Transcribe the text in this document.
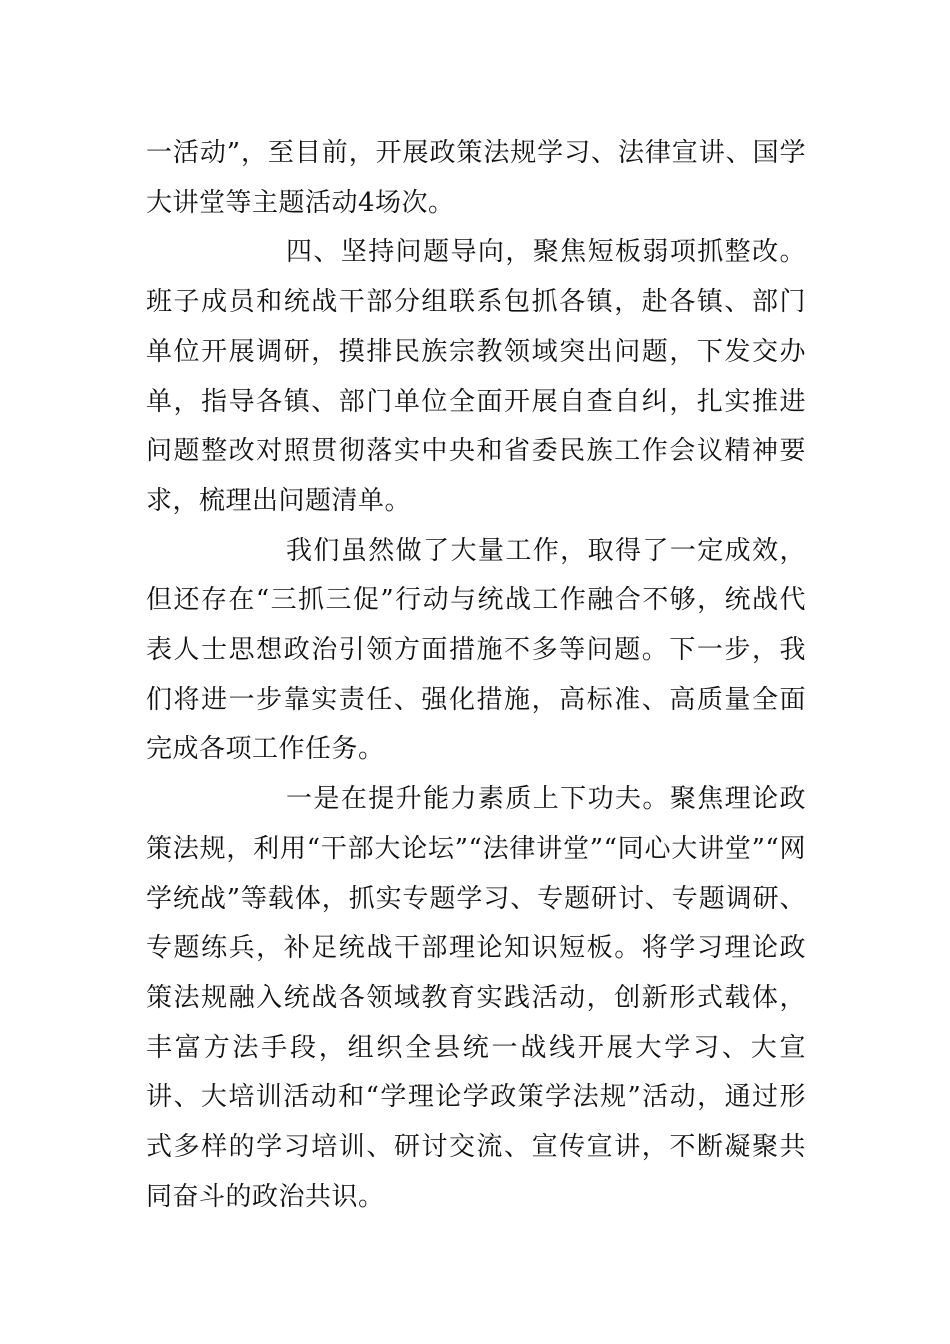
一活动”，至目前，开展政策法规学习、法律宣讲、国学大讲堂等主题活动4场次。

四、坚持问题导向，聚焦短板弱项抓整改。班子成员和统战干部分组联系包抓各镇，赴各镇、部门单位开展调研，摸排民族宗教领域突出问题，下发交办单，指导各镇、部门单位全面开展自查自纠，扎实推进问题整改对照贯彻落实中央和省委民族工作会议精神要求，梳理出问题清单。

我们虽然做了大量工作，取得了一定成效，但还存在“三抓三促”行动与统战工作融合不够，统战代表人士思想政治引领方面措施不多等问题。下一步，我们将进一步靠实责任、强化措施，高标准、高质量全面完成各项工作任务。

一是在提升能力素质上下功夫。聚焦理论政策法规，利用“干部大论坛”“法律讲堂”“同心大讲堂”“网学统战”等载体，抓实专题学习、专题研讨、专题调研、专题练兵，补足统战干部理论知识短板。将学习理论政策法规融入统战各领域教育实践活动，创新形式载体，丰富方法手段，组织全县统一战线开展大学习、大宣讲、大培训活动和“学理论学政策学法规”活动，通过形式多样的学习培训、研讨交流、宣传宣讲，不断凝聚共同奋斗的政治共识。
